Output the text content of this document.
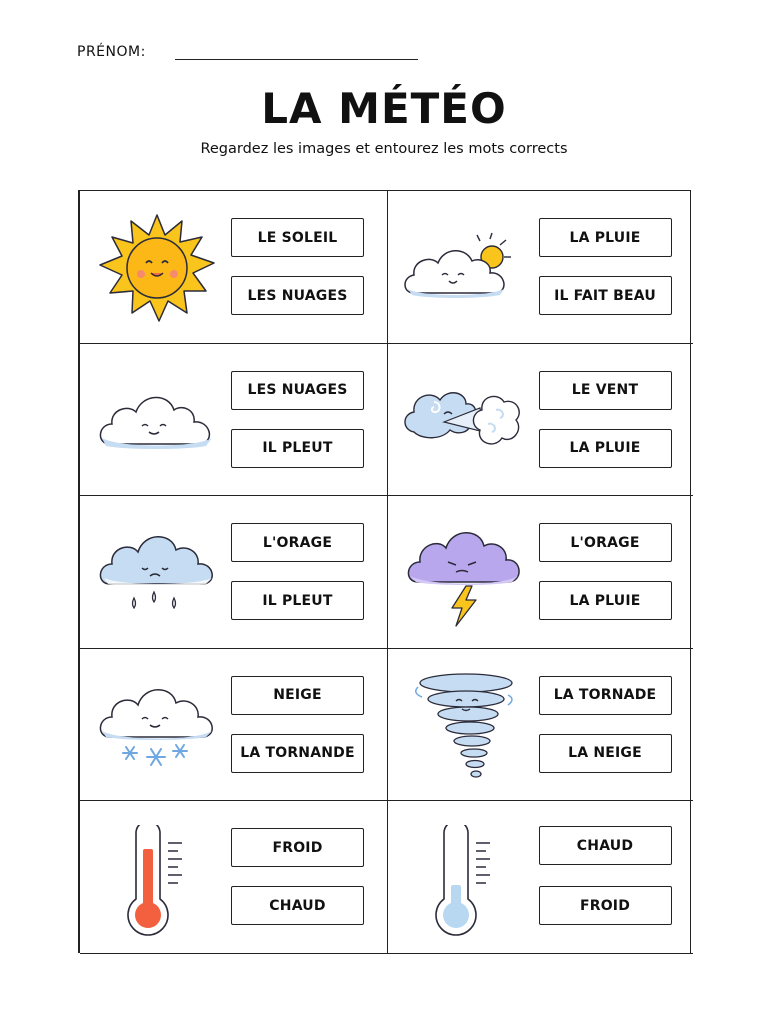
PRÉNOM:
LA MÉTÉO
Regardez les images et entourez les mots corrects
LE SOLEIL
LES NUAGES
LA PLUIE
IL FAIT BEAU
LES NUAGES
IL PLEUT
LE VENT
LA PLUIE
L'ORAGE
IL PLEUT
L'ORAGE
LA PLUIE
NEIGE
LA TORNANDE
LA TORNADE
LA NEIGE
FROID
CHAUD
CHAUD
FROID
